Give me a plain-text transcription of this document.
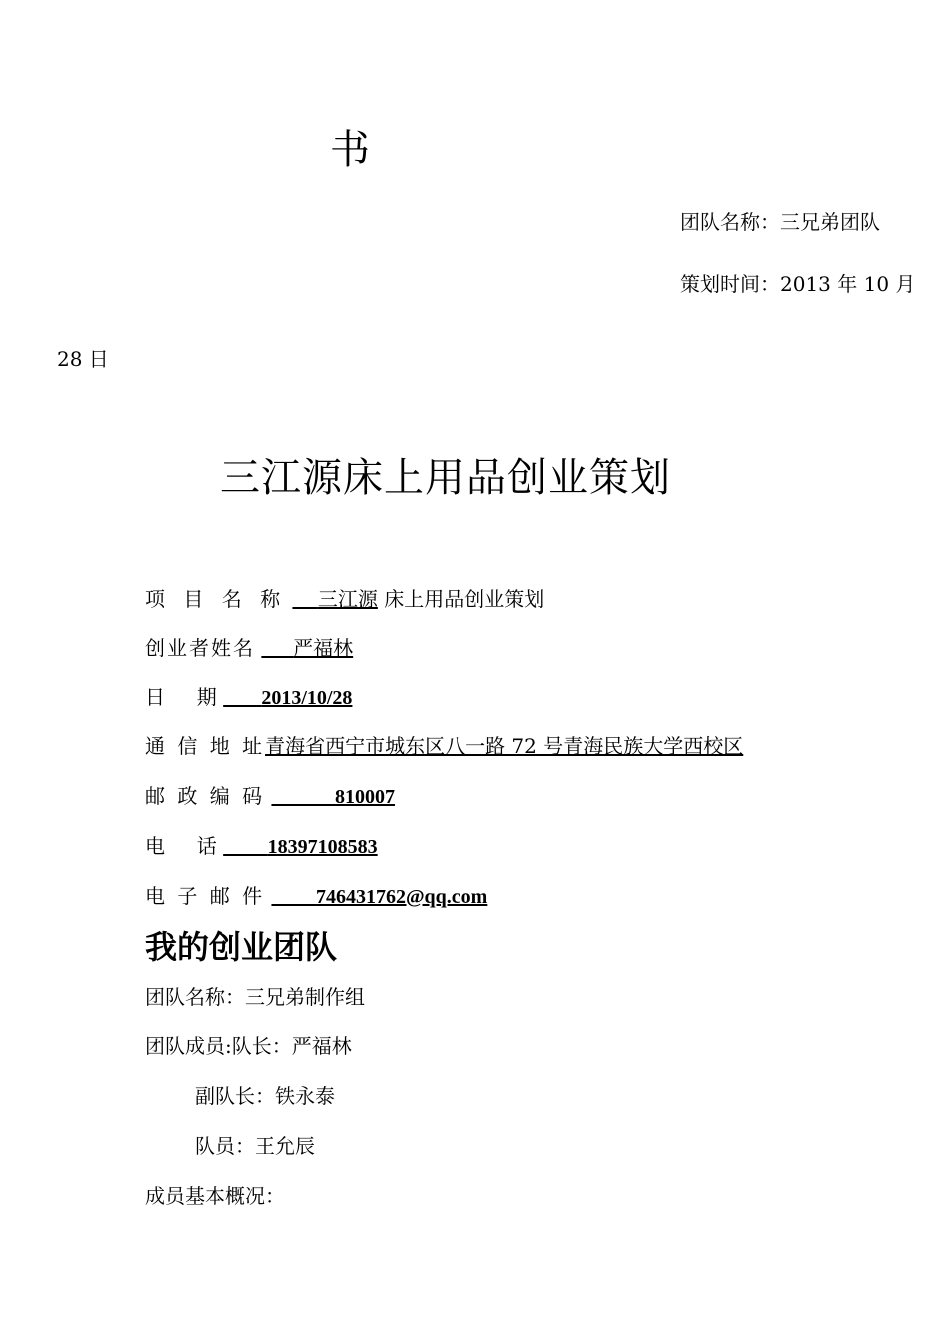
书
团队名称：三兄弟团队
策划时间：2013 年 10 月
28 日
三江源床上用品创业策划
项 目 名 称 三江源 床上用品创业策划
创业者姓名 严福林
日     期 2013/10/28
通 信 地 址青海省西宁市城东区八一路 72 号青海民族大学西校区
邮 政 编 码	810007
电     话	18397108583
电 子 邮 件	746431762@qq.com
我的创业团队
团队名称：三兄弟制作组
团队成员:队长：严福林
副队长：铁永泰
队员：王允辰
成员基本概况：
